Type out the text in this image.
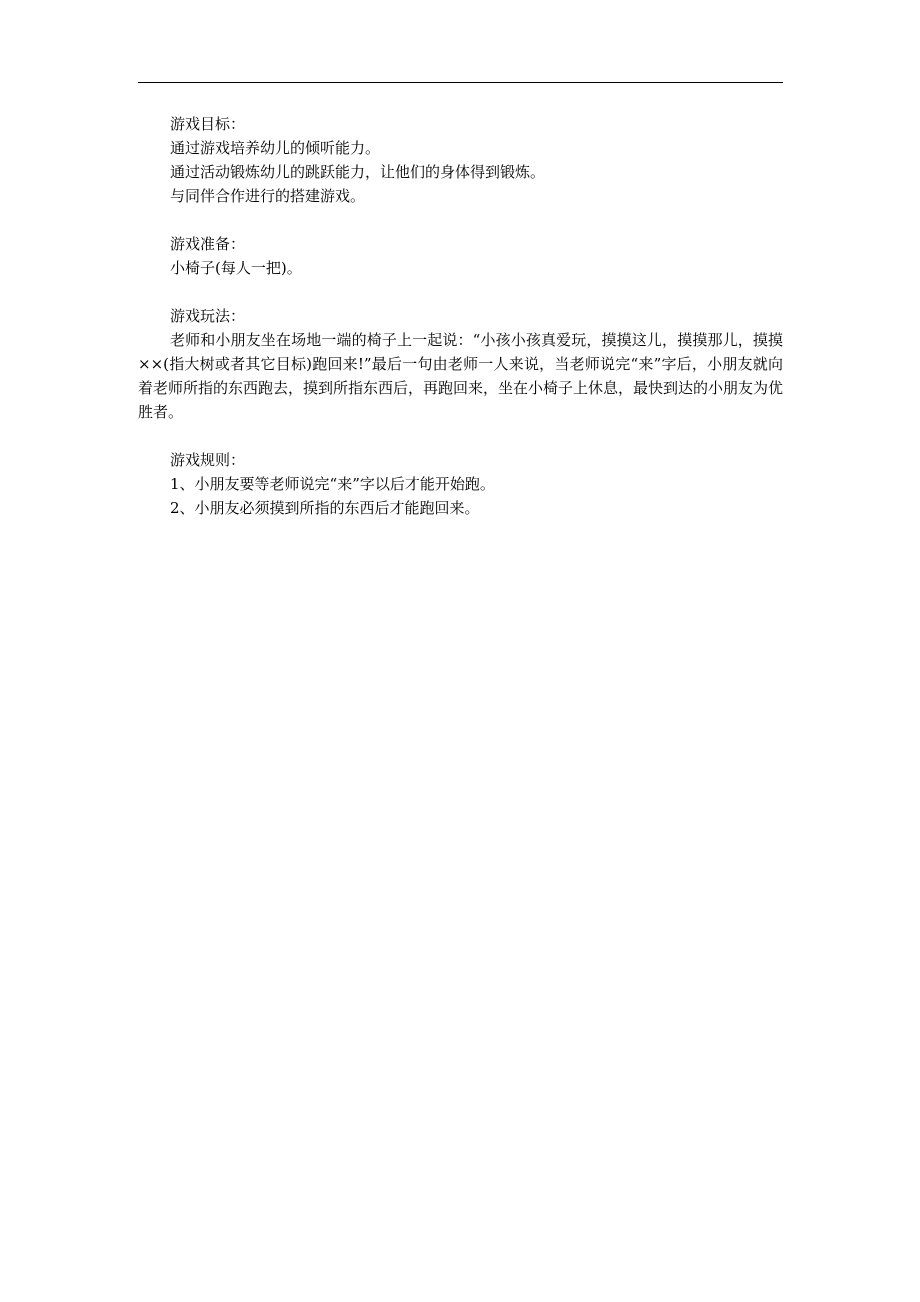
游戏目标：
通过游戏培养幼儿的倾听能力。
通过活动锻炼幼儿的跳跃能力，让他们的身体得到锻炼。
与同伴合作进行的搭建游戏。
游戏准备：
小椅子(每人一把)。
游戏玩法：
老师和小朋友坐在场地一端的椅子上一起说：“小孩小孩真爱玩，摸摸这儿，摸摸那儿，摸摸××(指大树或者其它目标)跑回来!”最后一句由老师一人来说，当老师说完“来”字后，小朋友就向着老师所指的东西跑去，摸到所指东西后，再跑回来，坐在小椅子上休息，最快到达的小朋友为优胜者。
游戏规则：
1、小朋友要等老师说完“来”字以后才能开始跑。
2、小朋友必须摸到所指的东西后才能跑回来。
